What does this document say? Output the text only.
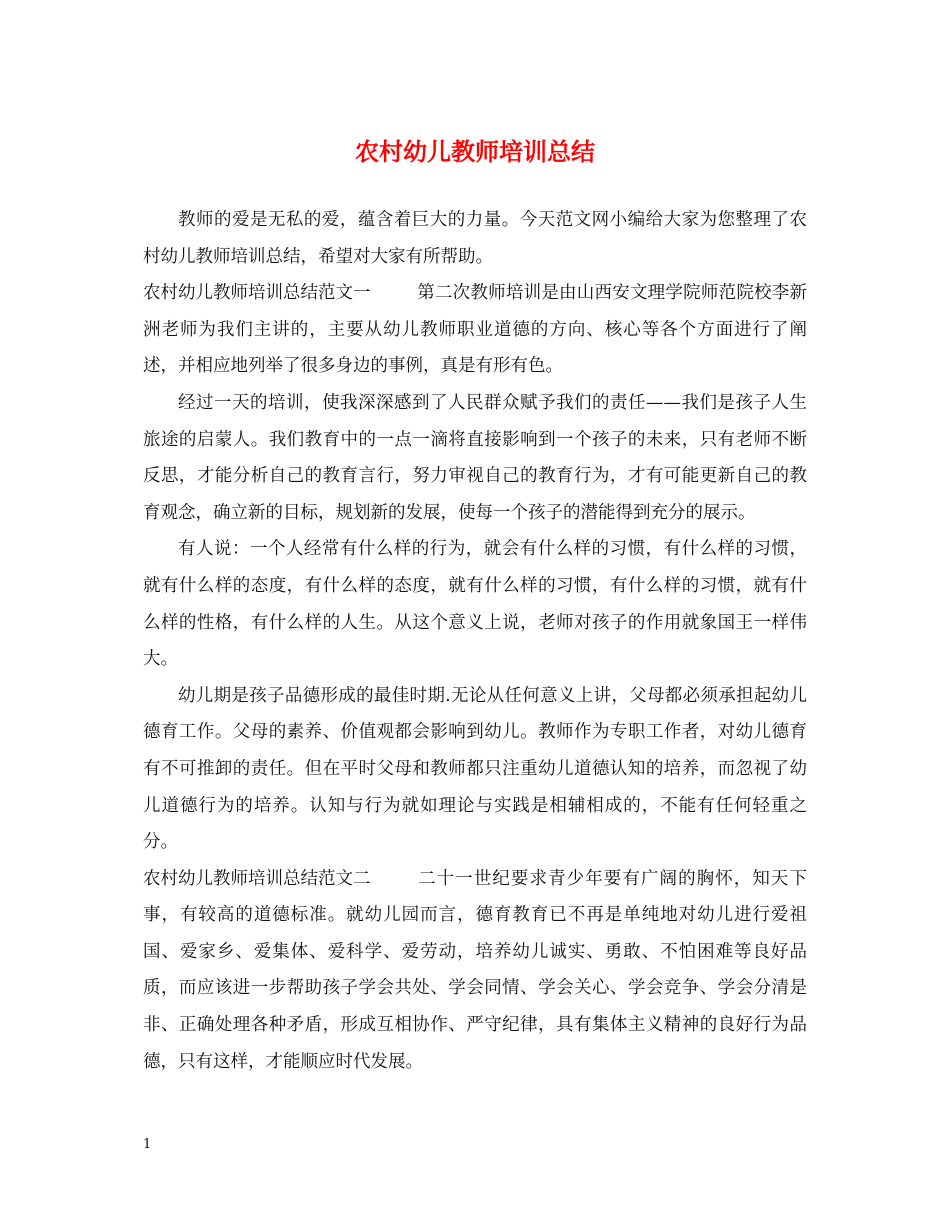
农村幼儿教师培训总结

教师的爱是无私的爱，蕴含着巨大的力量。今天范文网小编给大家为您整理了农村幼儿教师培训总结，希望对大家有所帮助。

农村幼儿教师培训总结范文一	第二次教师培训是由山西安文理学院师范院校李新洲老师为我们主讲的，主要从幼儿教师职业道德的方向、核心等各个方面进行了阐述，并相应地列举了很多身边的事例，真是有形有色。

经过一天的培训，使我深深感到了人民群众赋予我们的责任——我们是孩子人生旅途的启蒙人。我们教育中的一点一滴将直接影响到一个孩子的未来，只有老师不断反思，才能分析自己的教育言行，努力审视自己的教育行为，才有可能更新自己的教育观念，确立新的目标，规划新的发展，使每一个孩子的潜能得到充分的展示。

有人说：一个人经常有什么样的行为，就会有什么样的习惯，有什么样的习惯，就有什么样的态度，有什么样的态度，就有什么样的习惯，有什么样的习惯，就有什么样的性格，有什么样的人生。从这个意义上说，老师对孩子的作用就象国王一样伟大。

幼儿期是孩子品德形成的最佳时期.无论从任何意义上讲，父母都必须承担起幼儿德育工作。父母的素养、价值观都会影响到幼儿。教师作为专职工作者，对幼儿德育有不可推卸的责任。但在平时父母和教师都只注重幼儿道德认知的培养，而忽视了幼儿道德行为的培养。认知与行为就如理论与实践是相辅相成的，不能有任何轻重之分。

农村幼儿教师培训总结范文二	二十一世纪要求青少年要有广阔的胸怀，知天下事，有较高的道德标准。就幼儿园而言，德育教育已不再是单纯地对幼儿进行爱祖国、爱家乡、爱集体、爱科学、爱劳动，培养幼儿诚实、勇敢、不怕困难等良好品质，而应该进一步帮助孩子学会共处、学会同情、学会关心、学会竞争、学会分清是非、正确处理各种矛盾，形成互相协作、严守纪律，具有集体主义精神的良好行为品德，只有这样，才能顺应时代发展。

1
